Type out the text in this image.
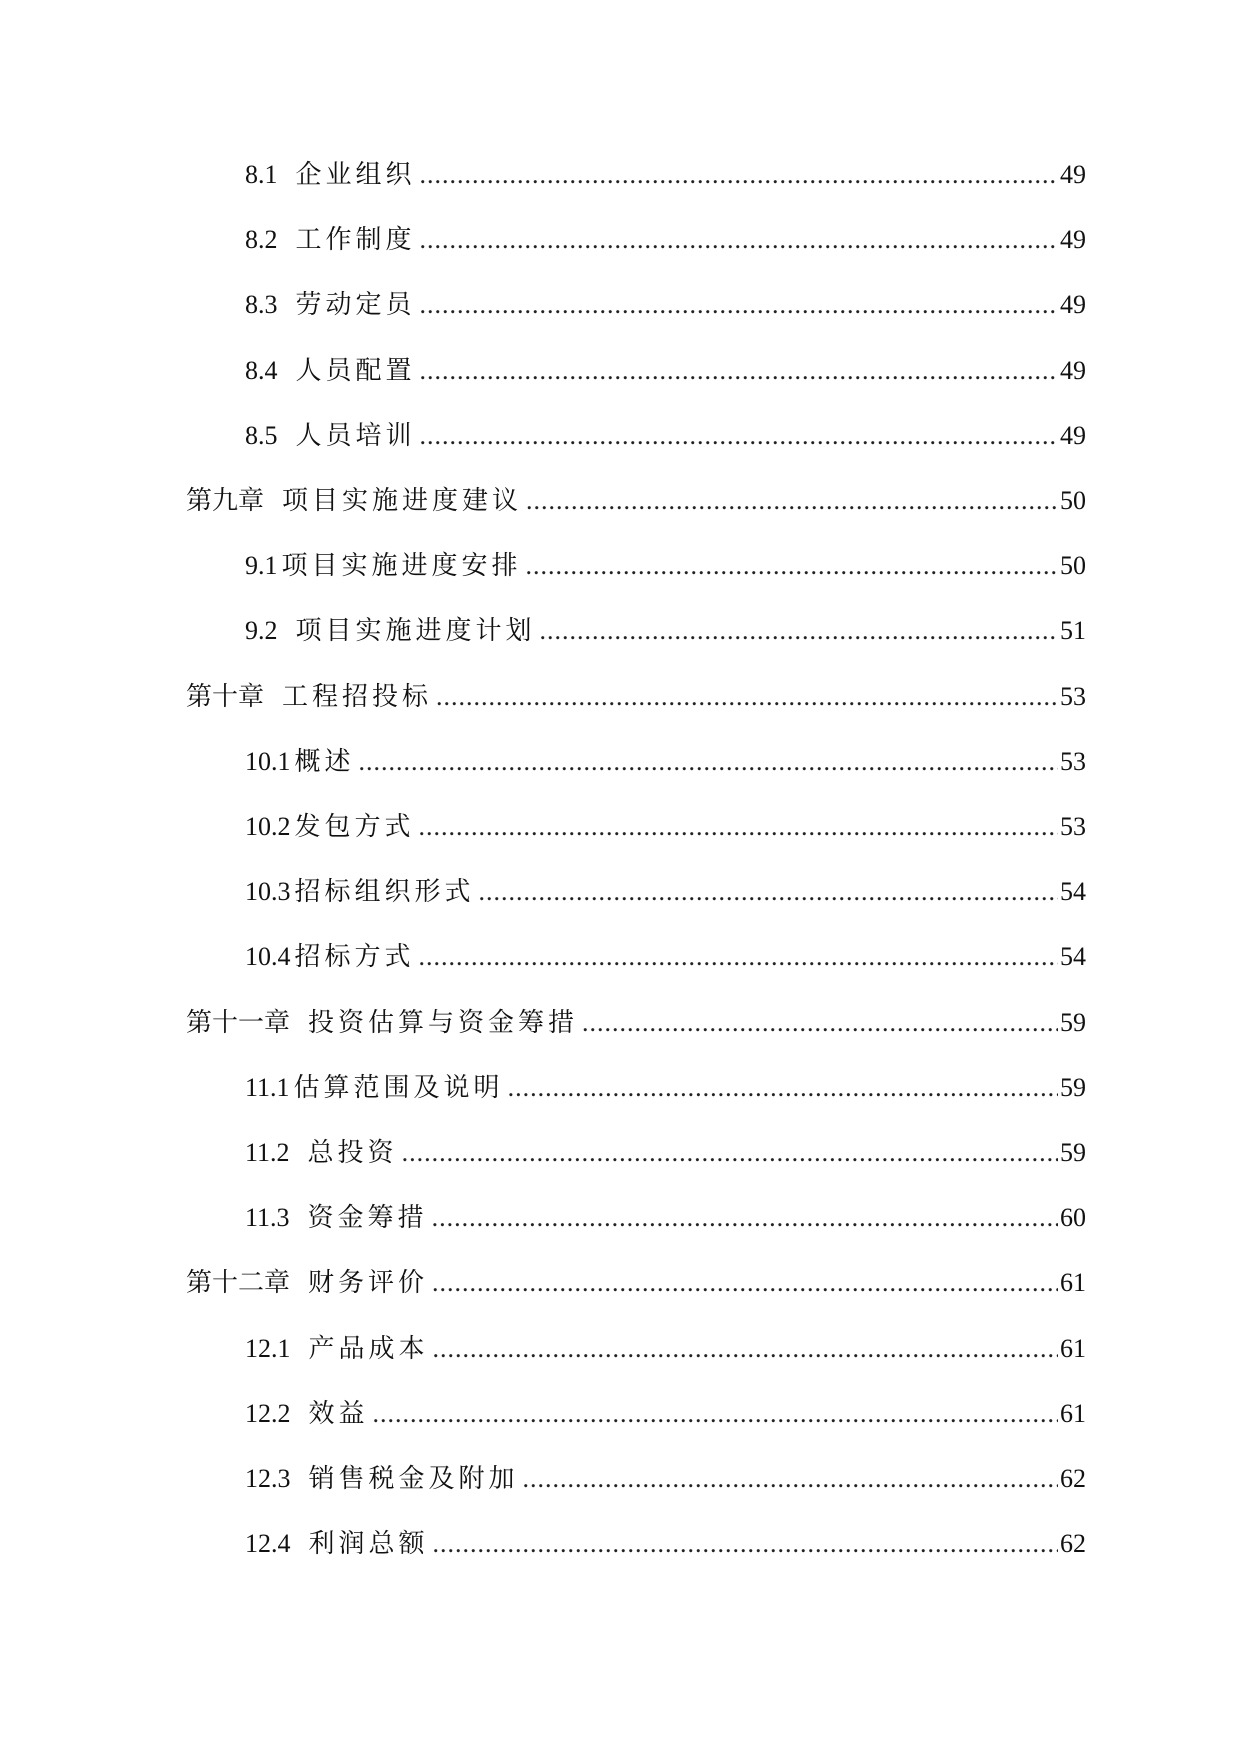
8.1 企业组织 .....	49
8.2 工作制度 .....	49
8.3 劳动定员 .....	49
8.4 人员配置 .....	49
8.5 人员培训 .....	49
第九章 项目实施进度建议 .....	50
9.1 项目实施进度安排 .....	50
9.2 项目实施进度计划 .....	51
第十章 工程招投标 .....	53
10.1 概述 .....	53
10.2 发包方式 .....	53
10.3 招标组织形式 .....	54
10.4 招标方式 .....	54
第十一章 投资估算与资金筹措 .....	59
11.1 估算范围及说明 .....	59
11.2 总投资 .....	59
11.3 资金筹措 .....	60
第十二章 财务评价 .....	61
12.1 产品成本 .....	61
12.2 效益 .....	61
12.3 销售税金及附加 .....	62
12.4 利润总额 .....	62
